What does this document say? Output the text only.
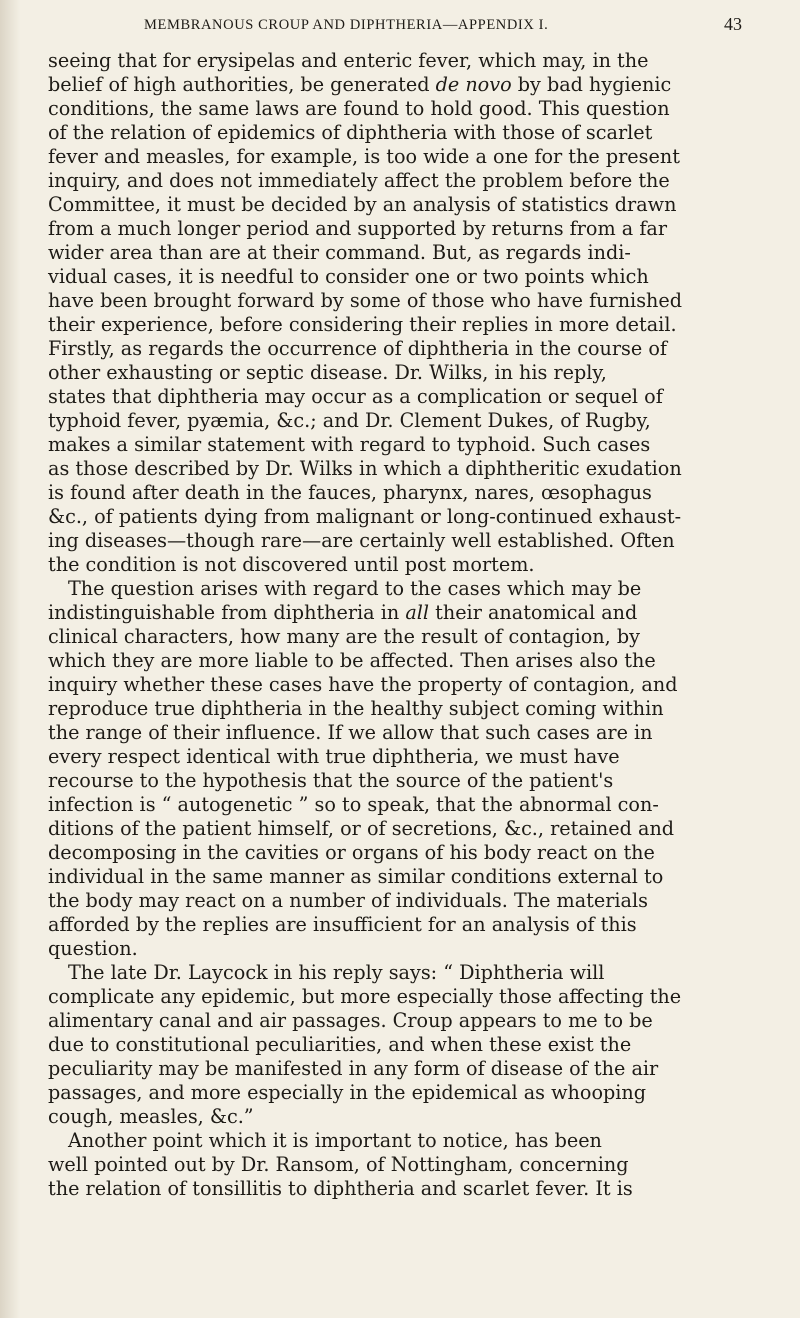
MEMBRANOUS CROUP AND DIPHTHERIA—APPENDIX I.	43
seeing that for erysipelas and enteric fever, which may, in the
belief of high authorities, be generated de novo by bad hygienic
conditions, the same laws are found to hold good. This question
of the relation of epidemics of diphtheria with those of scarlet
fever and measles, for example, is too wide a one for the present
inquiry, and does not immediately affect the problem before the
Committee, it must be decided by an analysis of statistics drawn
from a much longer period and supported by returns from a far
wider area than are at their command. But, as regards indi-
vidual cases, it is needful to consider one or two points which
have been brought forward by some of those who have furnished
their experience, before considering their replies in more detail.
Firstly, as regards the occurrence of diphtheria in the course of
other exhausting or septic disease. Dr. Wilks, in his reply,
states that diphtheria may occur as a complication or sequel of
typhoid fever, pyæmia, &c.; and Dr. Clement Dukes, of Rugby,
makes a similar statement with regard to typhoid. Such cases
as those described by Dr. Wilks in which a diphtheritic exudation
is found after death in the fauces, pharynx, nares, œsophagus
&c., of patients dying from malignant or long-continued exhaust-
ing diseases—though rare—are certainly well established. Often
the condition is not discovered until post mortem.
The question arises with regard to the cases which may be
indistinguishable from diphtheria in all their anatomical and
clinical characters, how many are the result of contagion, by
which they are more liable to be affected. Then arises also the
inquiry whether these cases have the property of contagion, and
reproduce true diphtheria in the healthy subject coming within
the range of their influence. If we allow that such cases are in
every respect identical with true diphtheria, we must have
recourse to the hypothesis that the source of the patient's
infection is “ autogenetic ” so to speak, that the abnormal con-
ditions of the patient himself, or of secretions, &c., retained and
decomposing in the cavities or organs of his body react on the
individual in the same manner as similar conditions external to
the body may react on a number of individuals. The materials
afforded by the replies are insufficient for an analysis of this
question.
The late Dr. Laycock in his reply says: “ Diphtheria will
complicate any epidemic, but more especially those affecting the
alimentary canal and air passages. Croup appears to me to be
due to constitutional peculiarities, and when these exist the
peculiarity may be manifested in any form of disease of the air
passages, and more especially in the epidemical as whooping
cough, measles, &c.”
Another point which it is important to notice, has been
well pointed out by Dr. Ransom, of Nottingham, concerning
the relation of tonsillitis to diphtheria and scarlet fever. It is
